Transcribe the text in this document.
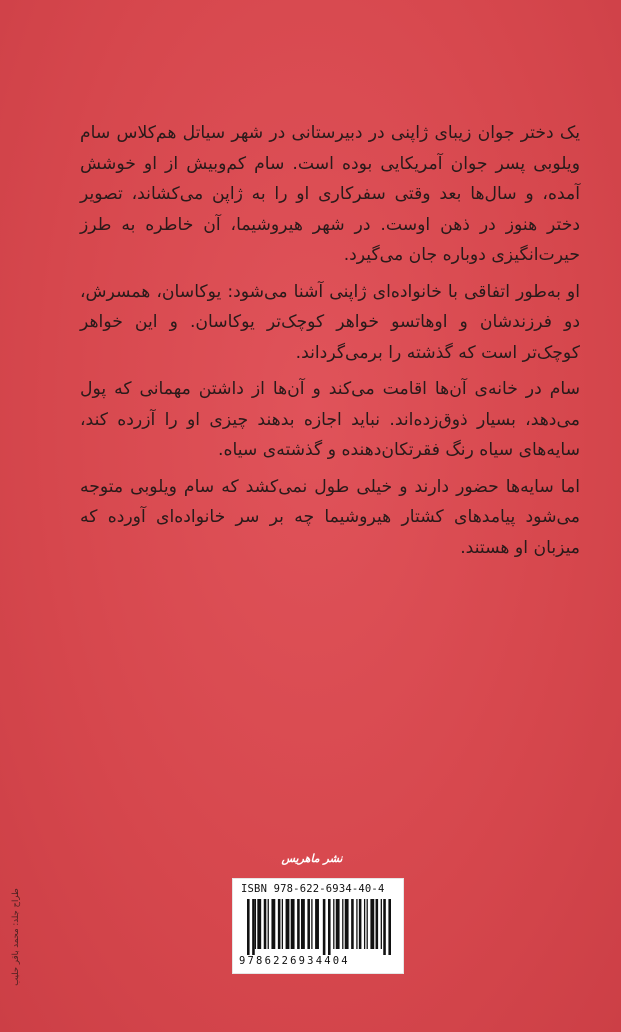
یک دختر جوان زیبای ژاپنی در دبیرستانی در شهر سیاتل هم‌کلاس سام ویلوبی پسر جوان آمریکایی بوده است. سام کم‌وبیش از او خوشش آمده، و سال‌ها بعد وقتی سفرکاری او را به ژاپن می‌کشاند، تصویر دختر هنوز در ذهن اوست. در شهر هیروشیما، آن خاطره به طرز حیرت‌انگیزی دوباره جان می‌گیرد.

او به‌طور اتفاقی با خانواده‌ای ژاپنی آشنا می‌شود: یوکاسان، همسرش، دو فرزندشان و اوهاتسو خواهر کوچک‌تر یوکاسان. و این خواهر کوچک‌تر است که گذشته را برمی‌گرداند.

سام در خانه‌ی آن‌ها اقامت می‌کند و آن‌ها از داشتن مهمانی که پول می‌دهد، بسیار ذوق‌زده‌اند. نباید اجازه بدهند چیزی او را آزرده کند، سایه‌های سیاه رنگ فقرتکان‌دهنده و گذشته‌ی سیاه.

اما سایه‌ها حضور دارند و خیلی طول نمی‌کشد که سام ویلوبی متوجه می‌شود پیامدهای کشتار هیروشیما چه بر سر خانواده‌ای آورده که میزبان او هستند.

نشر ماهریس
ISBN 978-622-6934-40-4
9786226934404
طراح جلد: محمد باقر حلیب
